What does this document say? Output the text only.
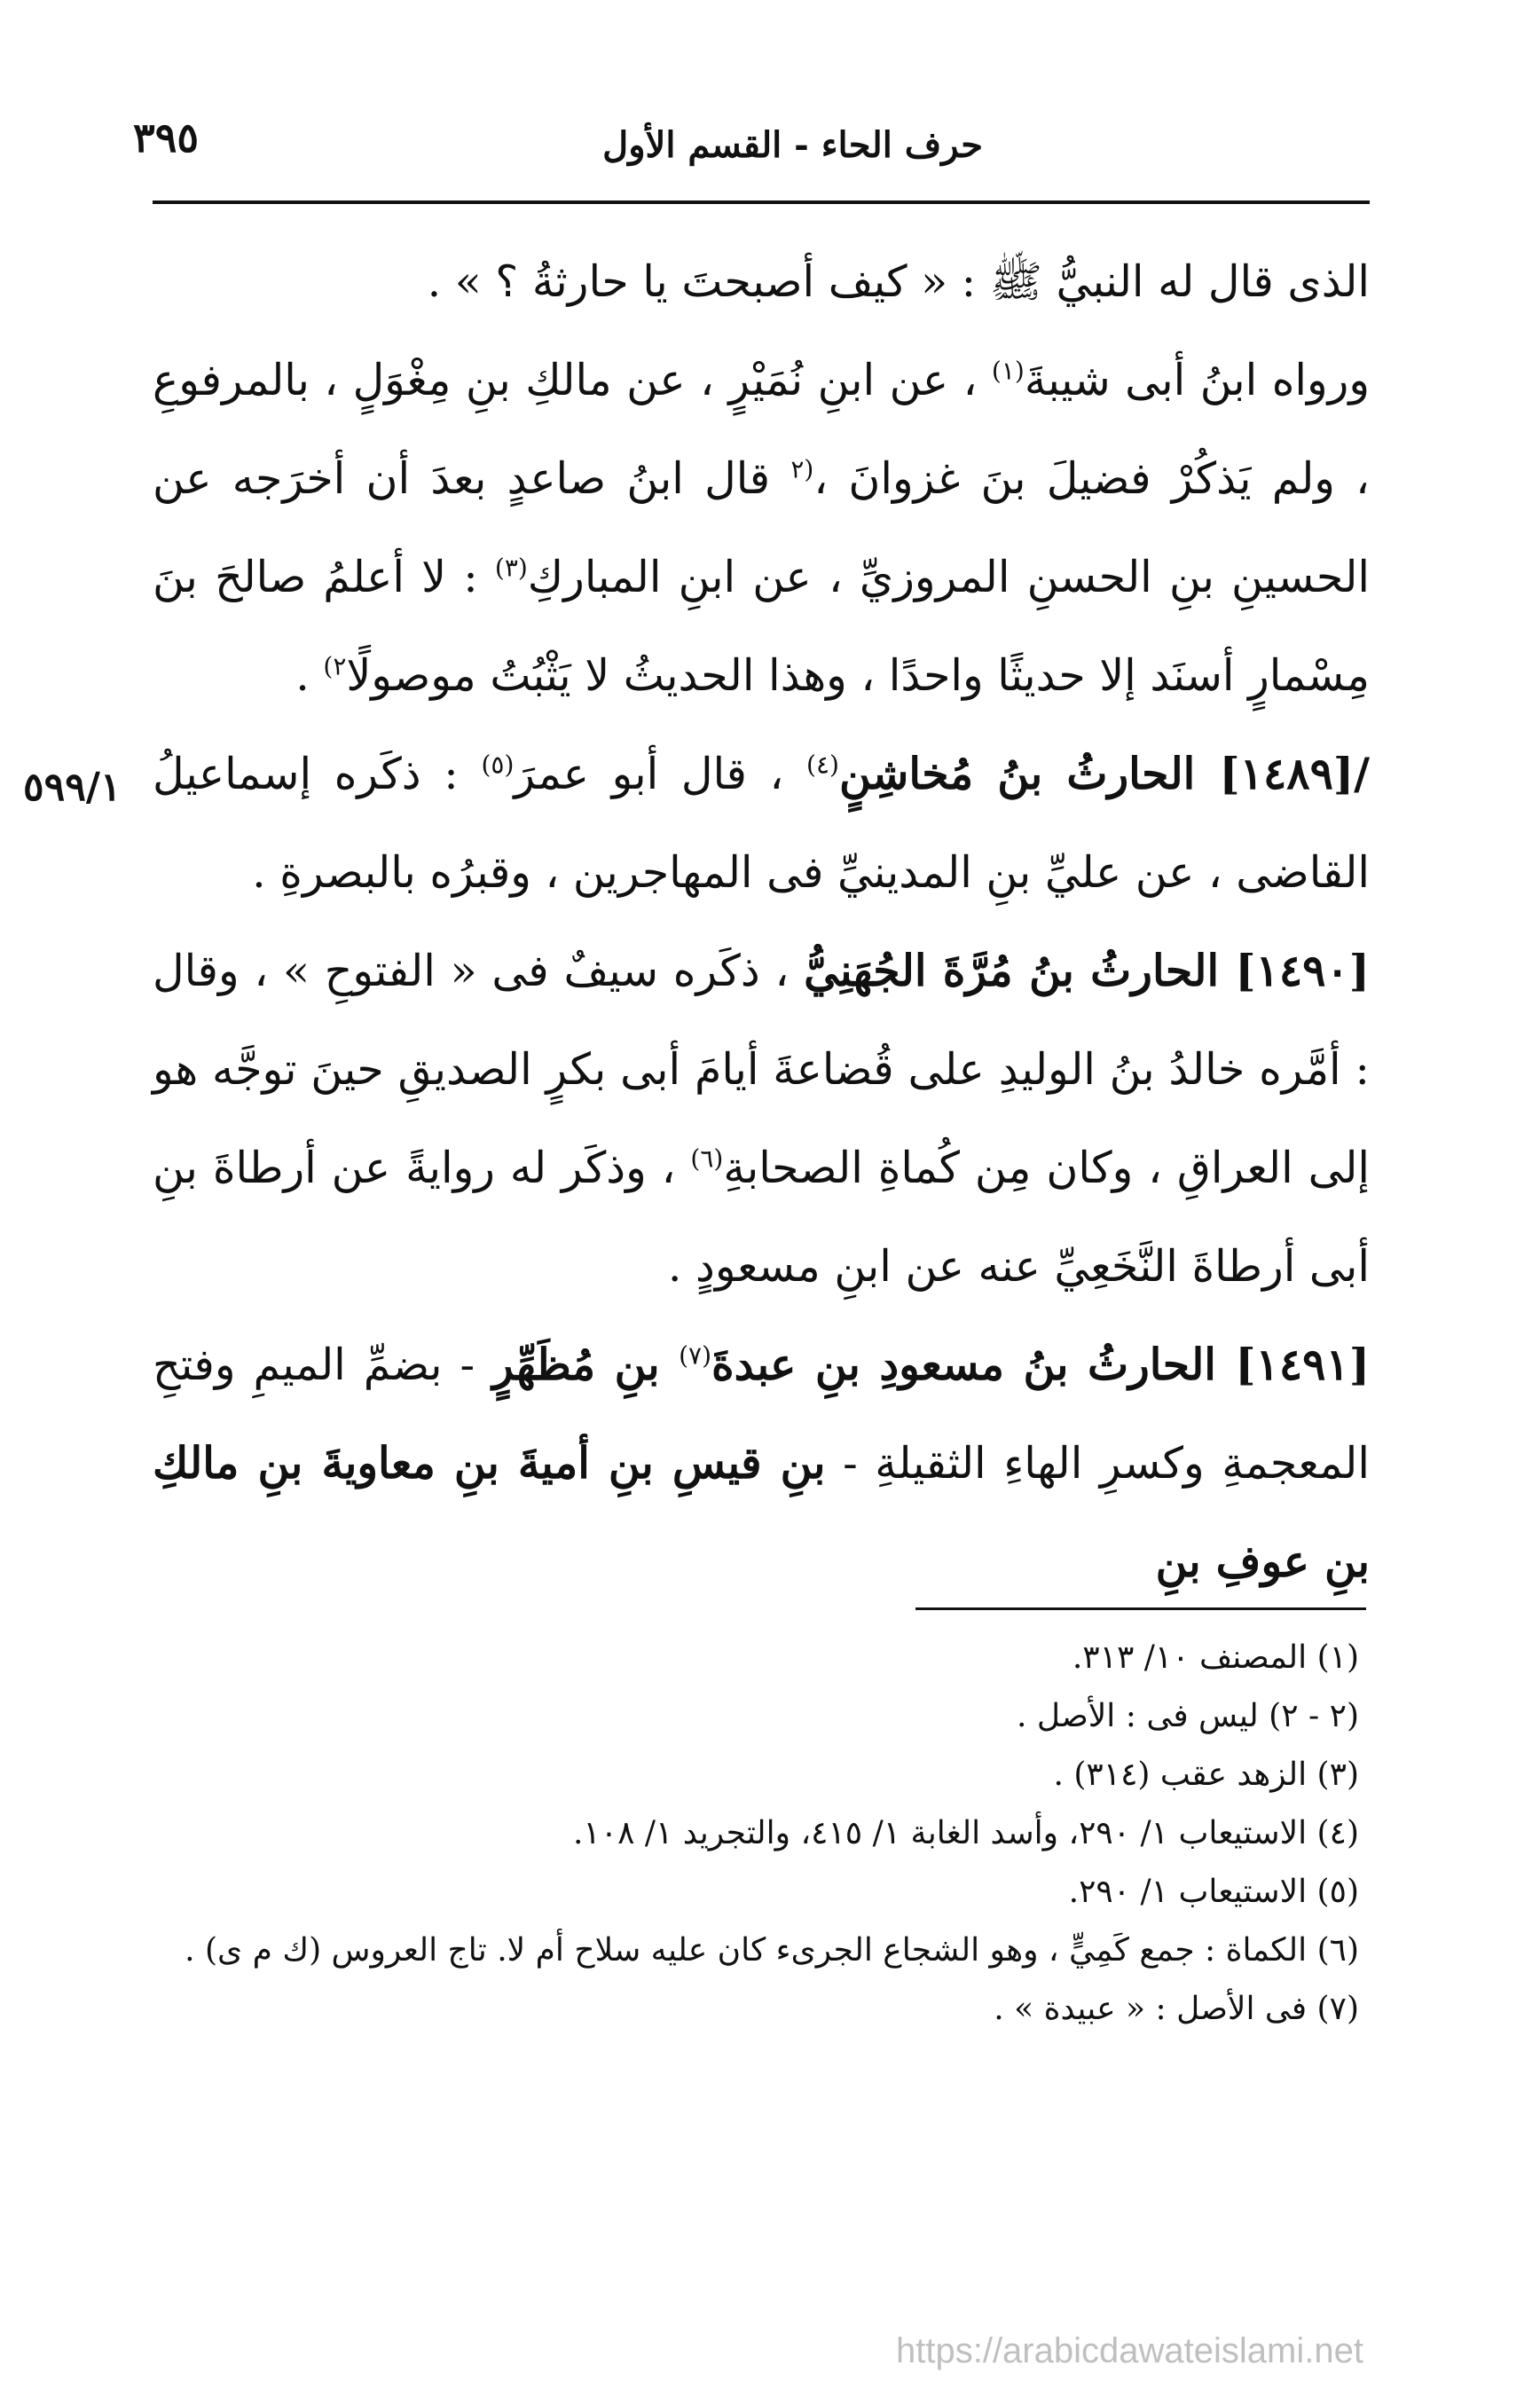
٣٩٥	حرف الحاء - القسم الأول

الذى قال له النبيُّ ﷺ : « كيف أصبحتَ يا حارثةُ ؟ » .

ورواه ابنُ أبى شيبةَ$^{(١)}$ ، عن ابنِ نُمَيْرٍ ، عن مالكِ بنِ مِغْوَلٍ ، بالمرفوعِ ، ولم يَذكُرْ فضيلَ بنَ غزوانَ ،$^{(٢}$ قال ابنُ صاعدٍ بعدَ أن أخرَجه عن الحسينِ بنِ الحسنِ المروزيِّ ، عن ابنِ المباركِ$^{(٣)}$ : لا أعلمُ صالحَ بنَ مِسْمارٍ أسنَد إلا حديثًا واحدًا ، وهذا الحديثُ لا يَثْبُتُ موصولًا$^{٢)}$ .

/[١٤٨٩] الحارثُ بنُ مُخاشِنٍ$^{(٤)}$ ، قال أبو عمرَ$^{(٥)}$ : ذكَره إسماعيلُ القاضى ، عن عليِّ بنِ المدينيِّ فى المهاجرين ، وقبرُه بالبصرةِ .

[١٤٩٠] الحارثُ بنُ مُرَّةَ الجُهَنِيُّ ، ذكَره سيفٌ فى « الفتوحِ » ، وقال : أمَّره خالدُ بنُ الوليدِ على قُضاعةَ أيامَ أبى بكرٍ الصديقِ حينَ توجَّه هو إلى العراقِ ، وكان مِن كُماةِ الصحابةِ$^{(٦)}$ ، وذكَر له روايةً عن أرطاةَ بنِ أبى أرطاةَ النَّخَعِيِّ عنه عن ابنِ مسعودٍ .

[١٤٩١] الحارثُ بنُ مسعودِ بنِ عبدةَ$^{(٧)}$ بنِ مُظَهِّرٍ - بضمِّ الميمِ وفتحِ المعجمةِ وكسرِ الهاءِ الثقيلةِ - بنِ قيسِ بنِ أميةَ بنِ معاويةَ بنِ مالكِ بنِ عوفِ بنِ

٥٩٩/١
(١) المصنف ١٠/ ٣١٣.
(٢ - ٢) ليس فى : الأصل .
(٣) الزهد عقب (٣١٤) .
(٤) الاستيعاب ١/ ٢٩٠، وأسد الغابة ١/ ٤١٥، والتجريد ١/ ١٠٨.
(٥) الاستيعاب ١/ ٢٩٠.
(٦) الكماة : جمع كَمِيٍّ ، وهو الشجاع الجرىء كان عليه سلاح أم لا. تاج العروس (ك م ى) .
(٧) فى الأصل : « عبيدة » .
https://arabicdawateislami.net
